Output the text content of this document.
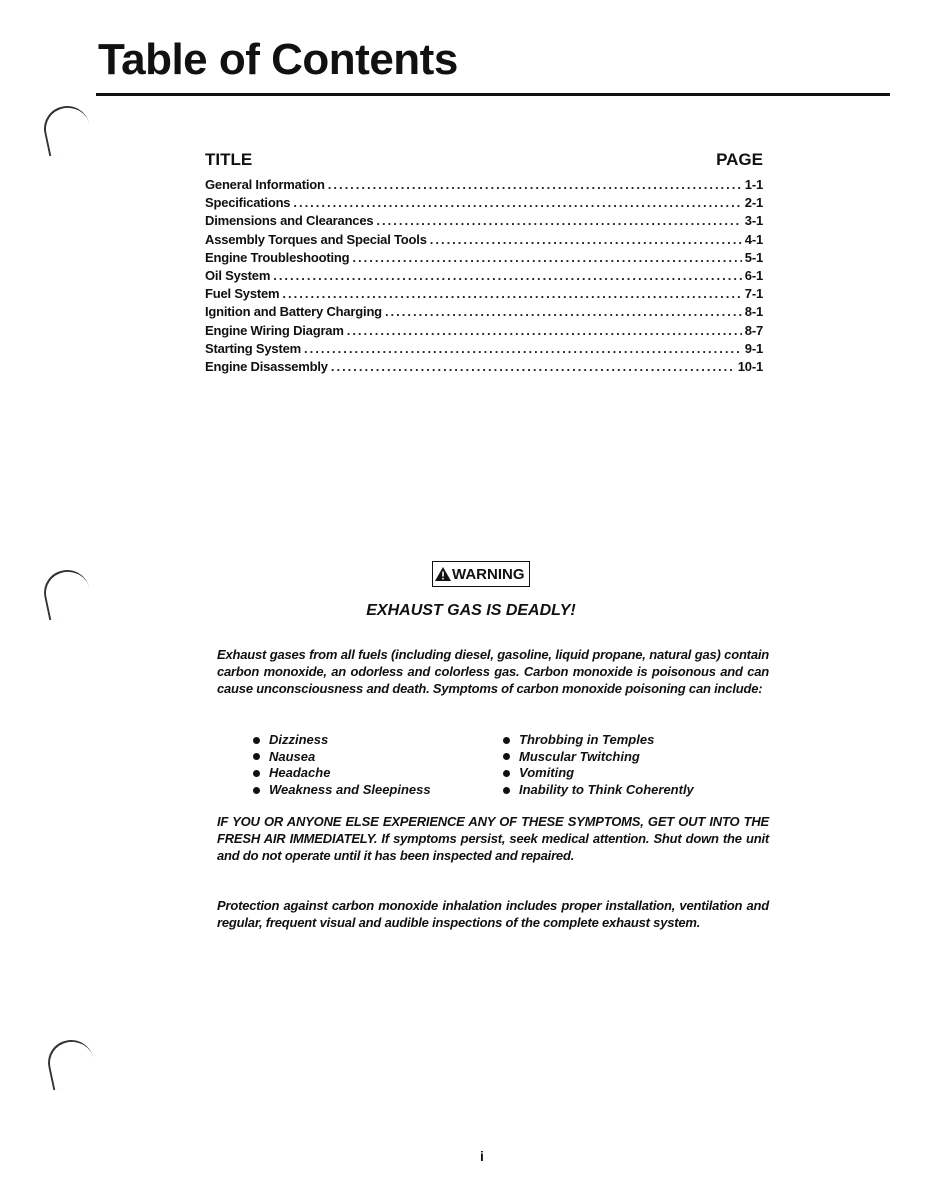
Table of Contents
TITLE	PAGE
General Information .....	1-1
Specifications .....	2-1
Dimensions and Clearances .....	3-1
Assembly Torques and Special Tools .....	4-1
Engine Troubleshooting .....	5-1
Oil System .....	6-1
Fuel System .....	7-1
Ignition and Battery Charging .....	8-1
Engine Wiring Diagram .....	8-7
Starting System .....	9-1
Engine Disassembly .....	10-1
WARNING
EXHAUST GAS IS DEADLY!

Exhaust gases from all fuels (including diesel, gasoline, liquid propane, natural gas) contain carbon monoxide, an odorless and colorless gas. Carbon monoxide is poisonous and can cause unconsciousness and death. Symptoms of carbon monoxide poisoning can include:

Dizziness	Throbbing in Temples
Nausea	Muscular Twitching
Headache	Vomiting
Weakness and Sleepiness	Inability to Think Coherently

IF YOU OR ANYONE ELSE EXPERIENCE ANY OF THESE SYMPTOMS, GET OUT INTO THE FRESH AIR IMMEDIATELY. If symptoms persist, seek medical attention. Shut down the unit and do not operate until it has been inspected and repaired.

Protection against carbon monoxide inhalation includes proper installation, ventilation and regular, frequent visual and audible inspections of the complete exhaust system.

i
